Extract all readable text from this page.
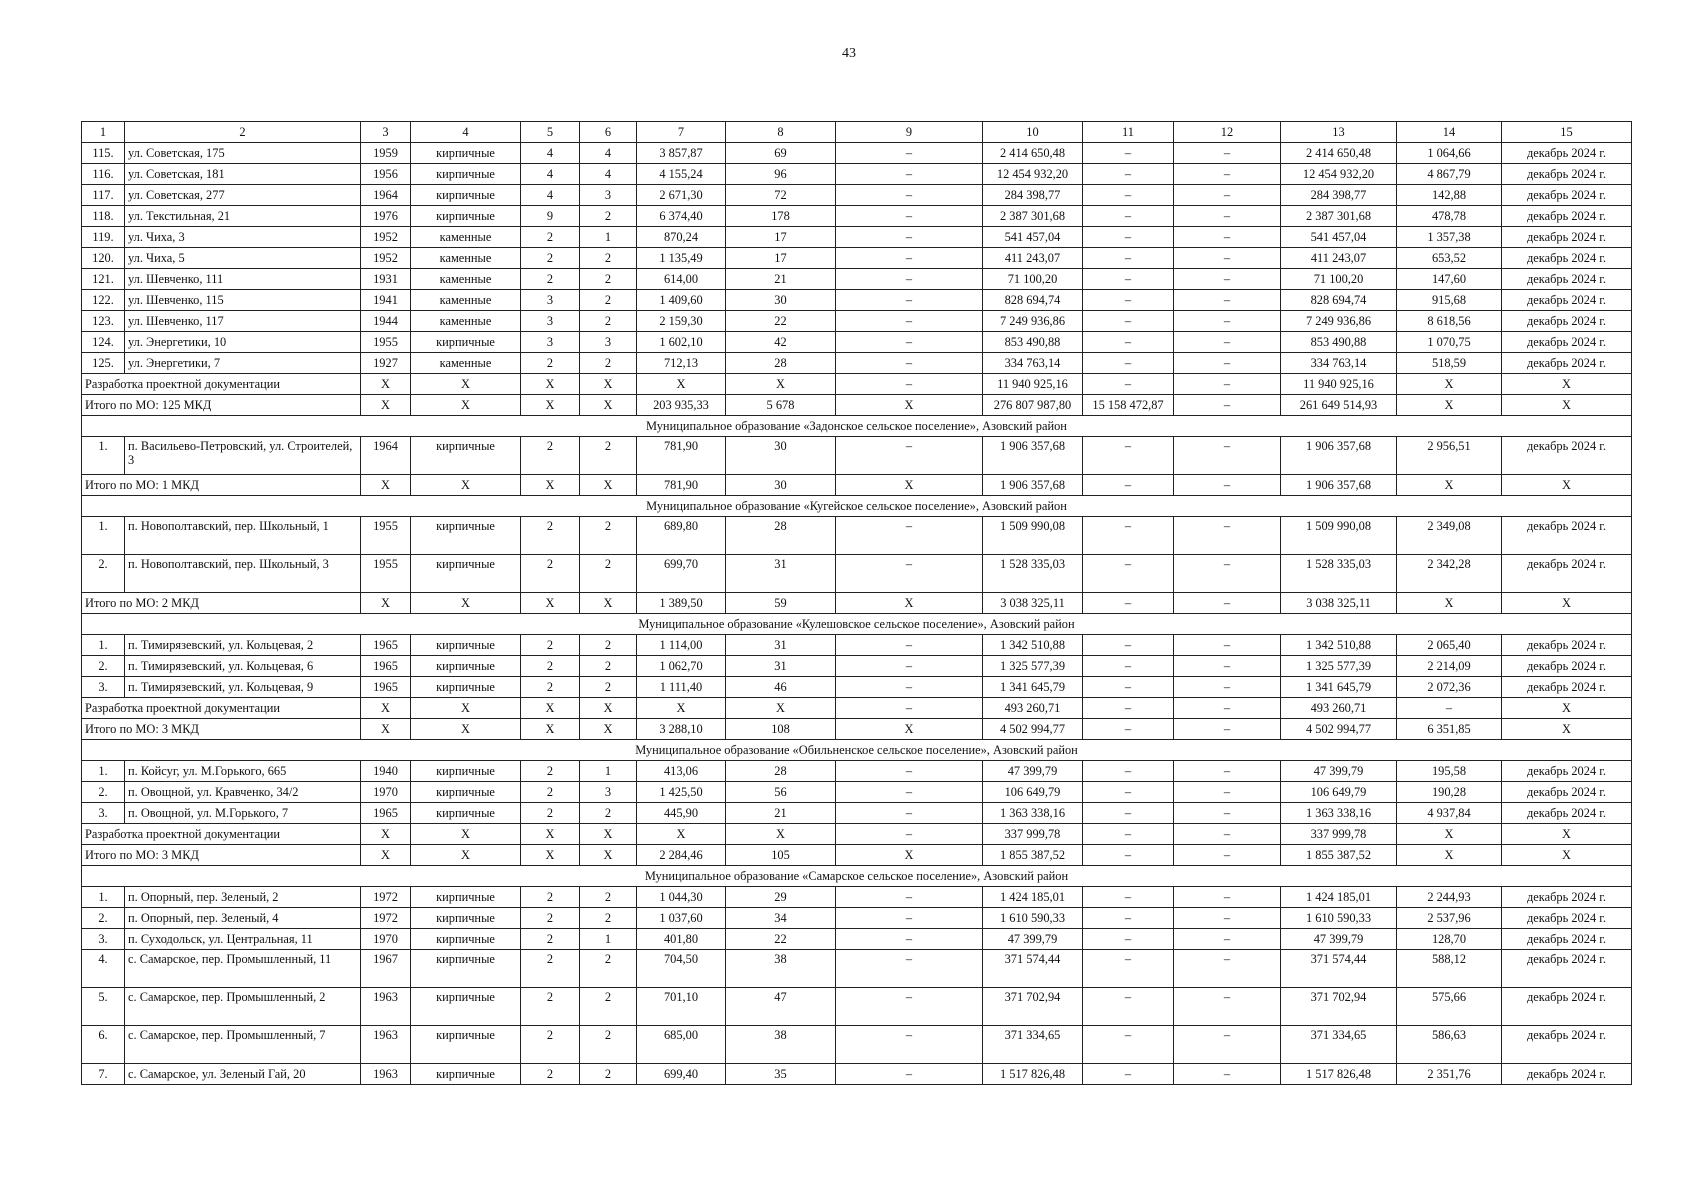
43
1	2	3	4	5	6	7	8	9	10	11	12	13	14	15
115.	ул. Советская, 175	1959	кирпичные	4	4	3 857,87	69	–	2 414 650,48	–	–	2 414 650,48	1 064,66	декабрь 2024 г.
116.	ул. Советская, 181	1956	кирпичные	4	4	4 155,24	96	–	12 454 932,20	–	–	12 454 932,20	4 867,79	декабрь 2024 г.
117.	ул. Советская, 277	1964	кирпичные	4	3	2 671,30	72	–	284 398,77	–	–	284 398,77	142,88	декабрь 2024 г.
118.	ул. Текстильная, 21	1976	кирпичные	9	2	6 374,40	178	–	2 387 301,68	–	–	2 387 301,68	478,78	декабрь 2024 г.
119.	ул. Чиха, 3	1952	каменные	2	1	870,24	17	–	541 457,04	–	–	541 457,04	1 357,38	декабрь 2024 г.
120.	ул. Чиха, 5	1952	каменные	2	2	1 135,49	17	–	411 243,07	–	–	411 243,07	653,52	декабрь 2024 г.
121.	ул. Шевченко, 111	1931	каменные	2	2	614,00	21	–	71 100,20	–	–	71 100,20	147,60	декабрь 2024 г.
122.	ул. Шевченко, 115	1941	каменные	3	2	1 409,60	30	–	828 694,74	–	–	828 694,74	915,68	декабрь 2024 г.
123.	ул. Шевченко, 117	1944	каменные	3	2	2 159,30	22	–	7 249 936,86	–	–	7 249 936,86	8 618,56	декабрь 2024 г.
124.	ул. Энергетики, 10	1955	кирпичные	3	3	1 602,10	42	–	853 490,88	–	–	853 490,88	1 070,75	декабрь 2024 г.
125.	ул. Энергетики, 7	1927	каменные	2	2	712,13	28	–	334 763,14	–	–	334 763,14	518,59	декабрь 2024 г.
Разработка проектной документации		X	X	X	X	X	X	–	11 940 925,16	–	–	11 940 925,16	X	X
Итого по МО: 125 МКД		X	X	X	X	203 935,33	5 678	X	276 807 987,80	15 158 472,87	–	261 649 514,93	X	X
Муниципальное образование «Задонское сельское поселение», Азовский район														
1.	п. Васильево-Петровский, ул. Строителей, 3	1964	кирпичные	2	2	781,90	30	–	1 906 357,68	–	–	1 906 357,68	2 956,51	декабрь 2024 г.
Итого по МО: 1 МКД		X	X	X	X	781,90	30	X	1 906 357,68	–	–	1 906 357,68	X	X
Муниципальное образование «Кугейское сельское поселение», Азовский район														
1.	п. Новополтавский, пер. Школьный, 1	1955	кирпичные	2	2	689,80	28	–	1 509 990,08	–	–	1 509 990,08	2 349,08	декабрь 2024 г.
2.	п. Новополтавский, пер. Школьный, 3	1955	кирпичные	2	2	699,70	31	–	1 528 335,03	–	–	1 528 335,03	2 342,28	декабрь 2024 г.
Итого по МО: 2 МКД		X	X	X	X	1 389,50	59	X	3 038 325,11	–	–	3 038 325,11	X	X
Муниципальное образование «Кулешовское сельское поселение», Азовский район														
1.	п. Тимирязевский, ул. Кольцевая, 2	1965	кирпичные	2	2	1 114,00	31	–	1 342 510,88	–	–	1 342 510,88	2 065,40	декабрь 2024 г.
2.	п. Тимирязевский, ул. Кольцевая, 6	1965	кирпичные	2	2	1 062,70	31	–	1 325 577,39	–	–	1 325 577,39	2 214,09	декабрь 2024 г.
3.	п. Тимирязевский, ул. Кольцевая, 9	1965	кирпичные	2	2	1 111,40	46	–	1 341 645,79	–	–	1 341 645,79	2 072,36	декабрь 2024 г.
Разработка проектной документации		X	X	X	X	X	X	–	493 260,71	–	–	493 260,71	–	X
Итого по МО: 3 МКД		X	X	X	X	3 288,10	108	X	4 502 994,77	–	–	4 502 994,77	6 351,85	X
Муниципальное образование «Обильненское сельское поселение», Азовский район														
1.	п. Койсуг, ул. М.Горького, 665	1940	кирпичные	2	1	413,06	28	–	47 399,79	–	–	47 399,79	195,58	декабрь 2024 г.
2.	п. Овощной, ул. Кравченко, 34/2	1970	кирпичные	2	3	1 425,50	56	–	106 649,79	–	–	106 649,79	190,28	декабрь 2024 г.
3.	п. Овощной, ул. М.Горького, 7	1965	кирпичные	2	2	445,90	21	–	1 363 338,16	–	–	1 363 338,16	4 937,84	декабрь 2024 г.
Разработка проектной документации		X	X	X	X	X	X	–	337 999,78	–	–	337 999,78	X	X
Итого по МО: 3 МКД		X	X	X	X	2 284,46	105	X	1 855 387,52	–	–	1 855 387,52	X	X
Муниципальное образование «Самарское сельское поселение», Азовский район														
1.	п. Опорный, пер. Зеленый, 2	1972	кирпичные	2	2	1 044,30	29	–	1 424 185,01	–	–	1 424 185,01	2 244,93	декабрь 2024 г.
2.	п. Опорный, пер. Зеленый, 4	1972	кирпичные	2	2	1 037,60	34	–	1 610 590,33	–	–	1 610 590,33	2 537,96	декабрь 2024 г.
3.	п. Суходольск, ул. Центральная, 11	1970	кирпичные	2	1	401,80	22	–	47 399,79	–	–	47 399,79	128,70	декабрь 2024 г.
4.	с. Самарское, пер. Промышленный, 11	1967	кирпичные	2	2	704,50	38	–	371 574,44	–	–	371 574,44	588,12	декабрь 2024 г.
5.	с. Самарское, пер. Промышленный, 2	1963	кирпичные	2	2	701,10	47	–	371 702,94	–	–	371 702,94	575,66	декабрь 2024 г.
6.	с. Самарское, пер. Промышленный, 7	1963	кирпичные	2	2	685,00	38	–	371 334,65	–	–	371 334,65	586,63	декабрь 2024 г.
7.	с. Самарское, ул. Зеленый Гай, 20	1963	кирпичные	2	2	699,40	35	–	1 517 826,48	–	–	1 517 826,48	2 351,76	декабрь 2024 г.
